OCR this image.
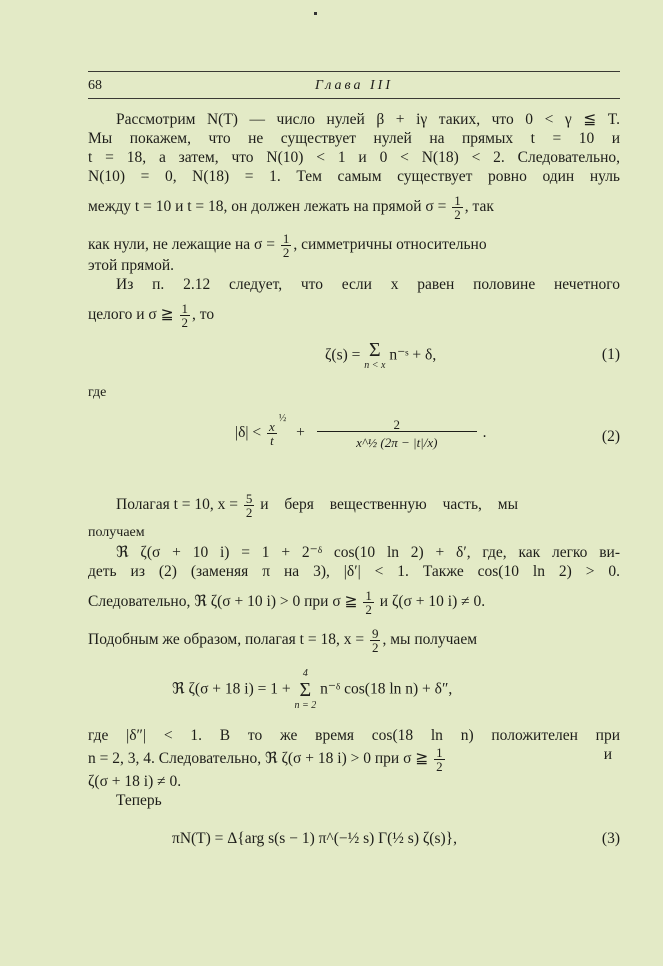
68	Глава III
Рассмотрим N(T) — число нулей β + iγ таких, что 0 < γ ≦ T.
Мы покажем, что не существует нулей на прямых t = 10 и
t = 18, а затем, что N(10) < 1 и 0 < N(18) < 2. Следовательно,
N(10) = 0, N(18) = 1. Тем самым существует ровно один нуль
между t = 10 и t = 18, он должен лежать на прямой $\sigma = \frac{1}{2}$ , так
как нули, не лежащие на $\sigma = \frac{1}{2}$ , симметричны относительно
этой прямой.
Из п. 2.12 следует, что если x равен половине нечетного
целого и σ ≧ $\frac{1}{2}$ , то
ζ(s) = Σ
n < x
n⁻ˢ + δ,	(1)
где
$|\delta| < \frac{x}{t}$
$^{\frac{1}{2}} + \frac{2}{\text{x\textasciicircum{}½ (2π − |t|/x)}}$ .	(2)
Полагая t = 10, $x = \frac{5}{2}$ и беря вещественную часть, мы
получаем
ℜ ζ(σ + 10 i) = 1 + 2⁻ᵟ cos(10 ln 2) + δ′, где, как легко ви-
деть из (2) (заменяя π на 3), |δ′| < 1. Также cos(10 ln 2) > 0.
Следовательно, ℜ ζ(σ + 10 i) > 0 при σ ≧ $\frac{1}{2}$ и ζ(σ + 10 i) ≠ 0.
Подобным же образом, полагая t = 18, $x = \frac{9}{2}$ , мы получаем
ℜ ζ(σ + 18 i) = 1 +
4
Σ
n = 2
n⁻ᵟ cos(18 ln n) + δ″,
где |δ″| < 1. В то же время cos(18 ln n) положителен при
n = 2, 3, 4. Следовательно, ℜ ζ(σ + 18 i) > 0 при σ ≧ $\frac{1}{2}$	и
ζ(σ + 18 i) ≠ 0.
Теперь
πN(T) = Δ{arg s(s − 1) π^(−½ s) Γ(½ s) ζ(s)},	(3)
